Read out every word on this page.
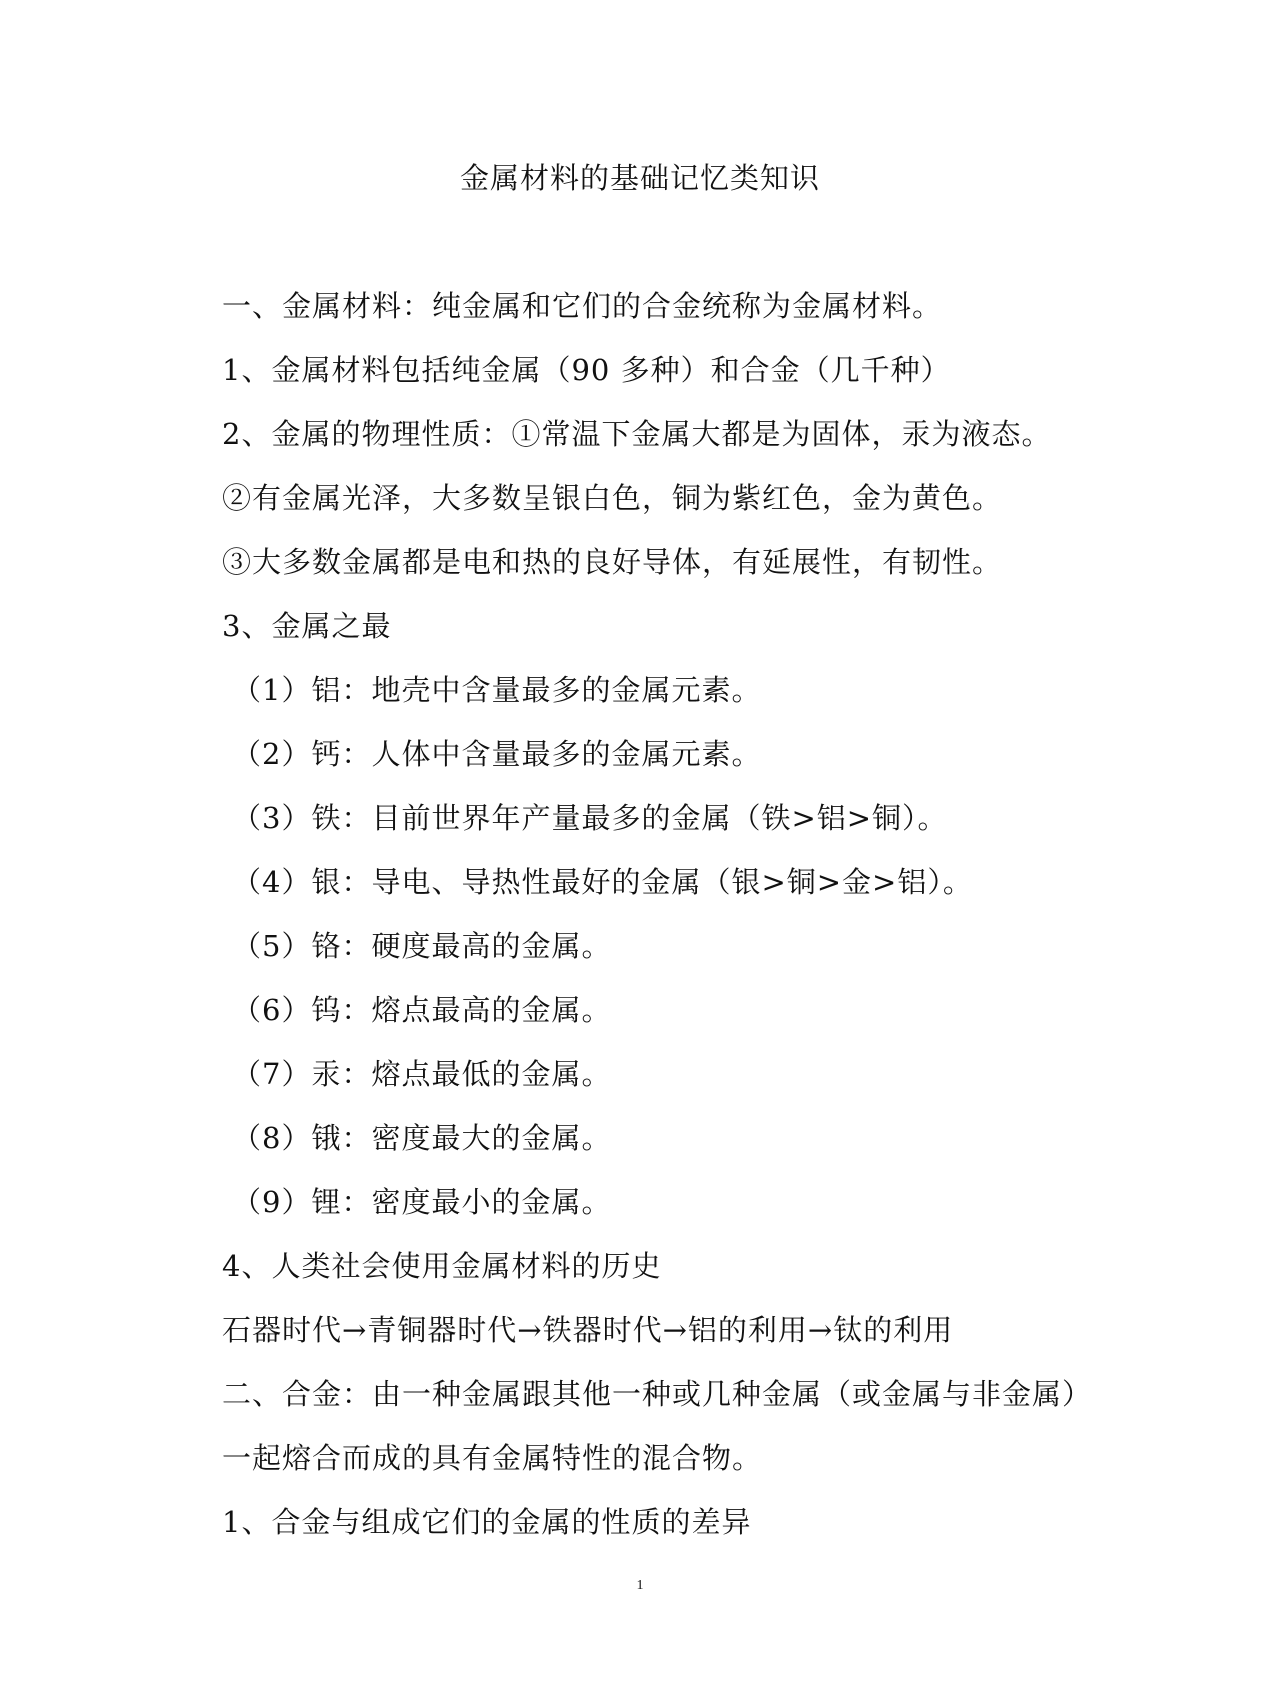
金属材料的基础记忆类知识
一、金属材料：纯金属和它们的合金统称为金属材料。
1、金属材料包括纯金属（90 多种）和合金（几千种）
2、金属的物理性质：①常温下金属大都是为固体，汞为液态。
②有金属光泽，大多数呈银白色，铜为紫红色，金为黄色。
③大多数金属都是电和热的良好导体，有延展性，有韧性。
3、金属之最
（1）铝：地壳中含量最多的金属元素。
（2）钙：人体中含量最多的金属元素。
（3）铁：目前世界年产量最多的金属（铁>铝>铜）。
（4）银：导电、导热性最好的金属（银>铜>金>铝）。
（5）铬：硬度最高的金属。
（6）钨：熔点最高的金属。
（7）汞：熔点最低的金属。
（8）锇：密度最大的金属。
（9）锂：密度最小的金属。
4、人类社会使用金属材料的历史
石器时代→青铜器时代→铁器时代→铝的利用→钛的利用
二、合金：由一种金属跟其他一种或几种金属（或金属与非金属）
一起熔合而成的具有金属特性的混合物。
1、合金与组成它们的金属的性质的差异
1
